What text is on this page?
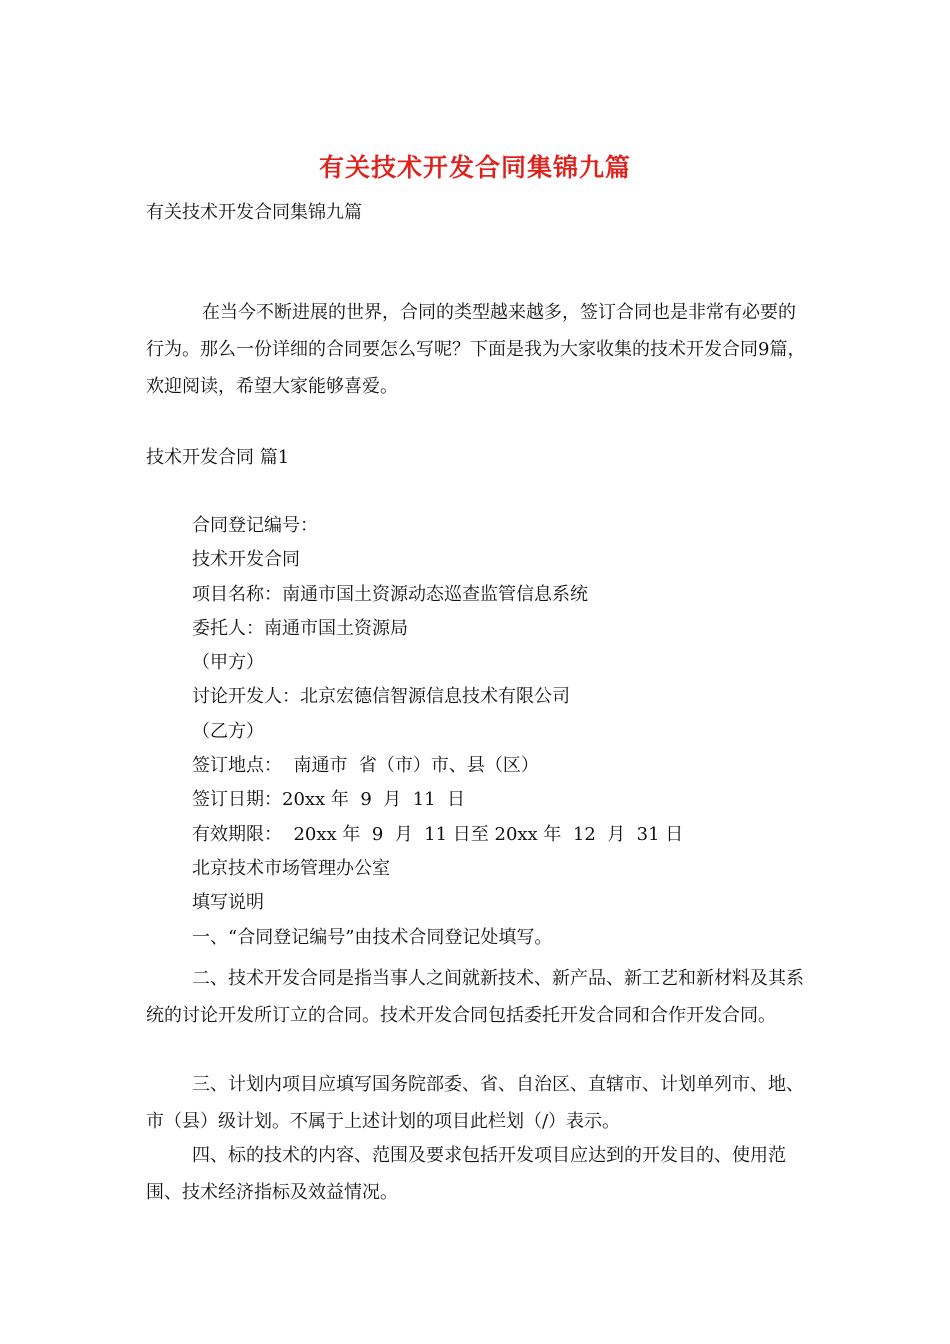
有关技术开发合同集锦九篇
有关技术开发合同集锦九篇

在当今不断进展的世界，合同的类型越来越多，签订合同也是非常有必要的行为。那么一份详细的合同要怎么写呢？下面是我为大家收集的技术开发合同9篇，欢迎阅读，希望大家能够喜爱。

技术开发合同 篇1
合同登记编号：
技术开发合同
项目名称：南通市国土资源动态巡查监管信息系统
委托人：南通市国土资源局
（甲方）
讨论开发人：北京宏德信智源信息技术有限公司
（乙方）
签订地点：  南通市  省（市）市、县（区）
签订日期：20xx 年  9  月  11  日
有效期限：  20xx 年  9  月  11 日至 20xx 年  12  月  31 日
北京技术市场管理办公室
填写说明
一、“合同登记编号”由技术合同登记处填写。

二、技术开发合同是指当事人之间就新技术、新产品、新工艺和新材料及其系统的讨论开发所订立的合同。技术开发合同包括委托开发合同和合作开发合同。

三、计划内项目应填写国务院部委、省、自治区、直辖市、计划单列市、地、市（县）级计划。不属于上述计划的项目此栏划（/）表示。

四、标的技术的内容、范围及要求包括开发项目应达到的开发目的、使用范围、技术经济指标及效益情况。
